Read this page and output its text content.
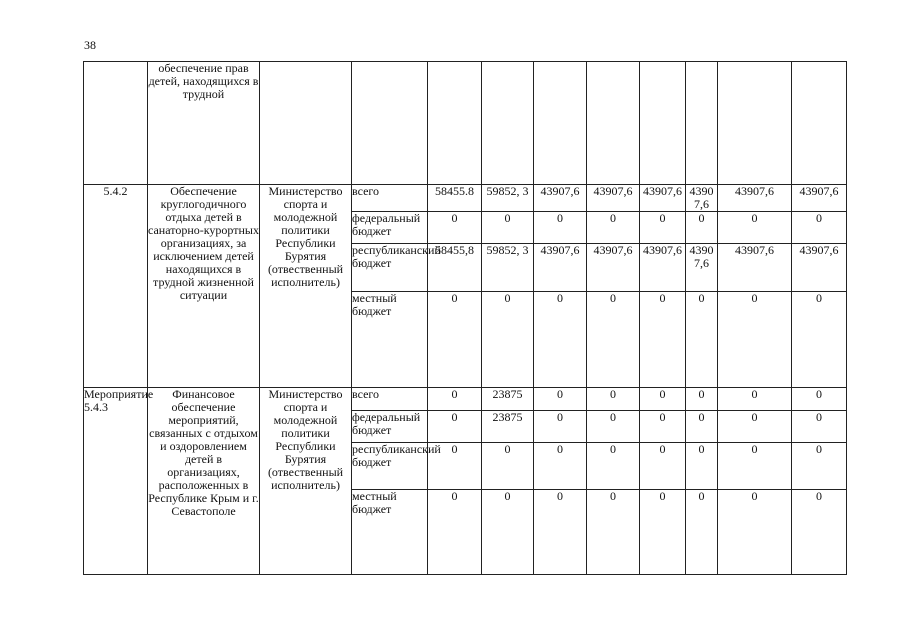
38
	обеспечение прав детей, находящихся в трудной										
5.4.2	Обеспечение круглогодичного отдыха детей в санаторно-курортных организациях, за исключением детей находящихся в трудной жизненной ситуации	Министерство спорта и молодежной политики Республики Бурятия (отвественный исполнитель)	всего	58455.8	59852, 3	43907,6	43907,6	43907,6	4390 7,6	43907,6	43907,6
			федеральный бюджет	0	0	0	0	0	0	0	0
			республиканский бюджет	58455,8	59852, 3	43907,6	43907,6	43907,6	4390 7,6	43907,6	43907,6
			местный бюджет	0	0	0	0	0	0	0	0
Мероприятие 5.4.3	Финансовое обеспечение мероприятий, связанных с отдыхом и оздоровлением детей в организациях, расположенных в Республике Крым и г. Севастополе	Министерство спорта и молодежной политики Республики Бурятия (отвественный исполнитель)	всего	0	23875	0	0	0	0	0	0
			федеральный бюджет	0	23875	0	0	0	0	0	0
			республиканский бюджет	0	0	0	0	0	0	0	0
			местный бюджет	0	0	0	0	0	0	0	0
